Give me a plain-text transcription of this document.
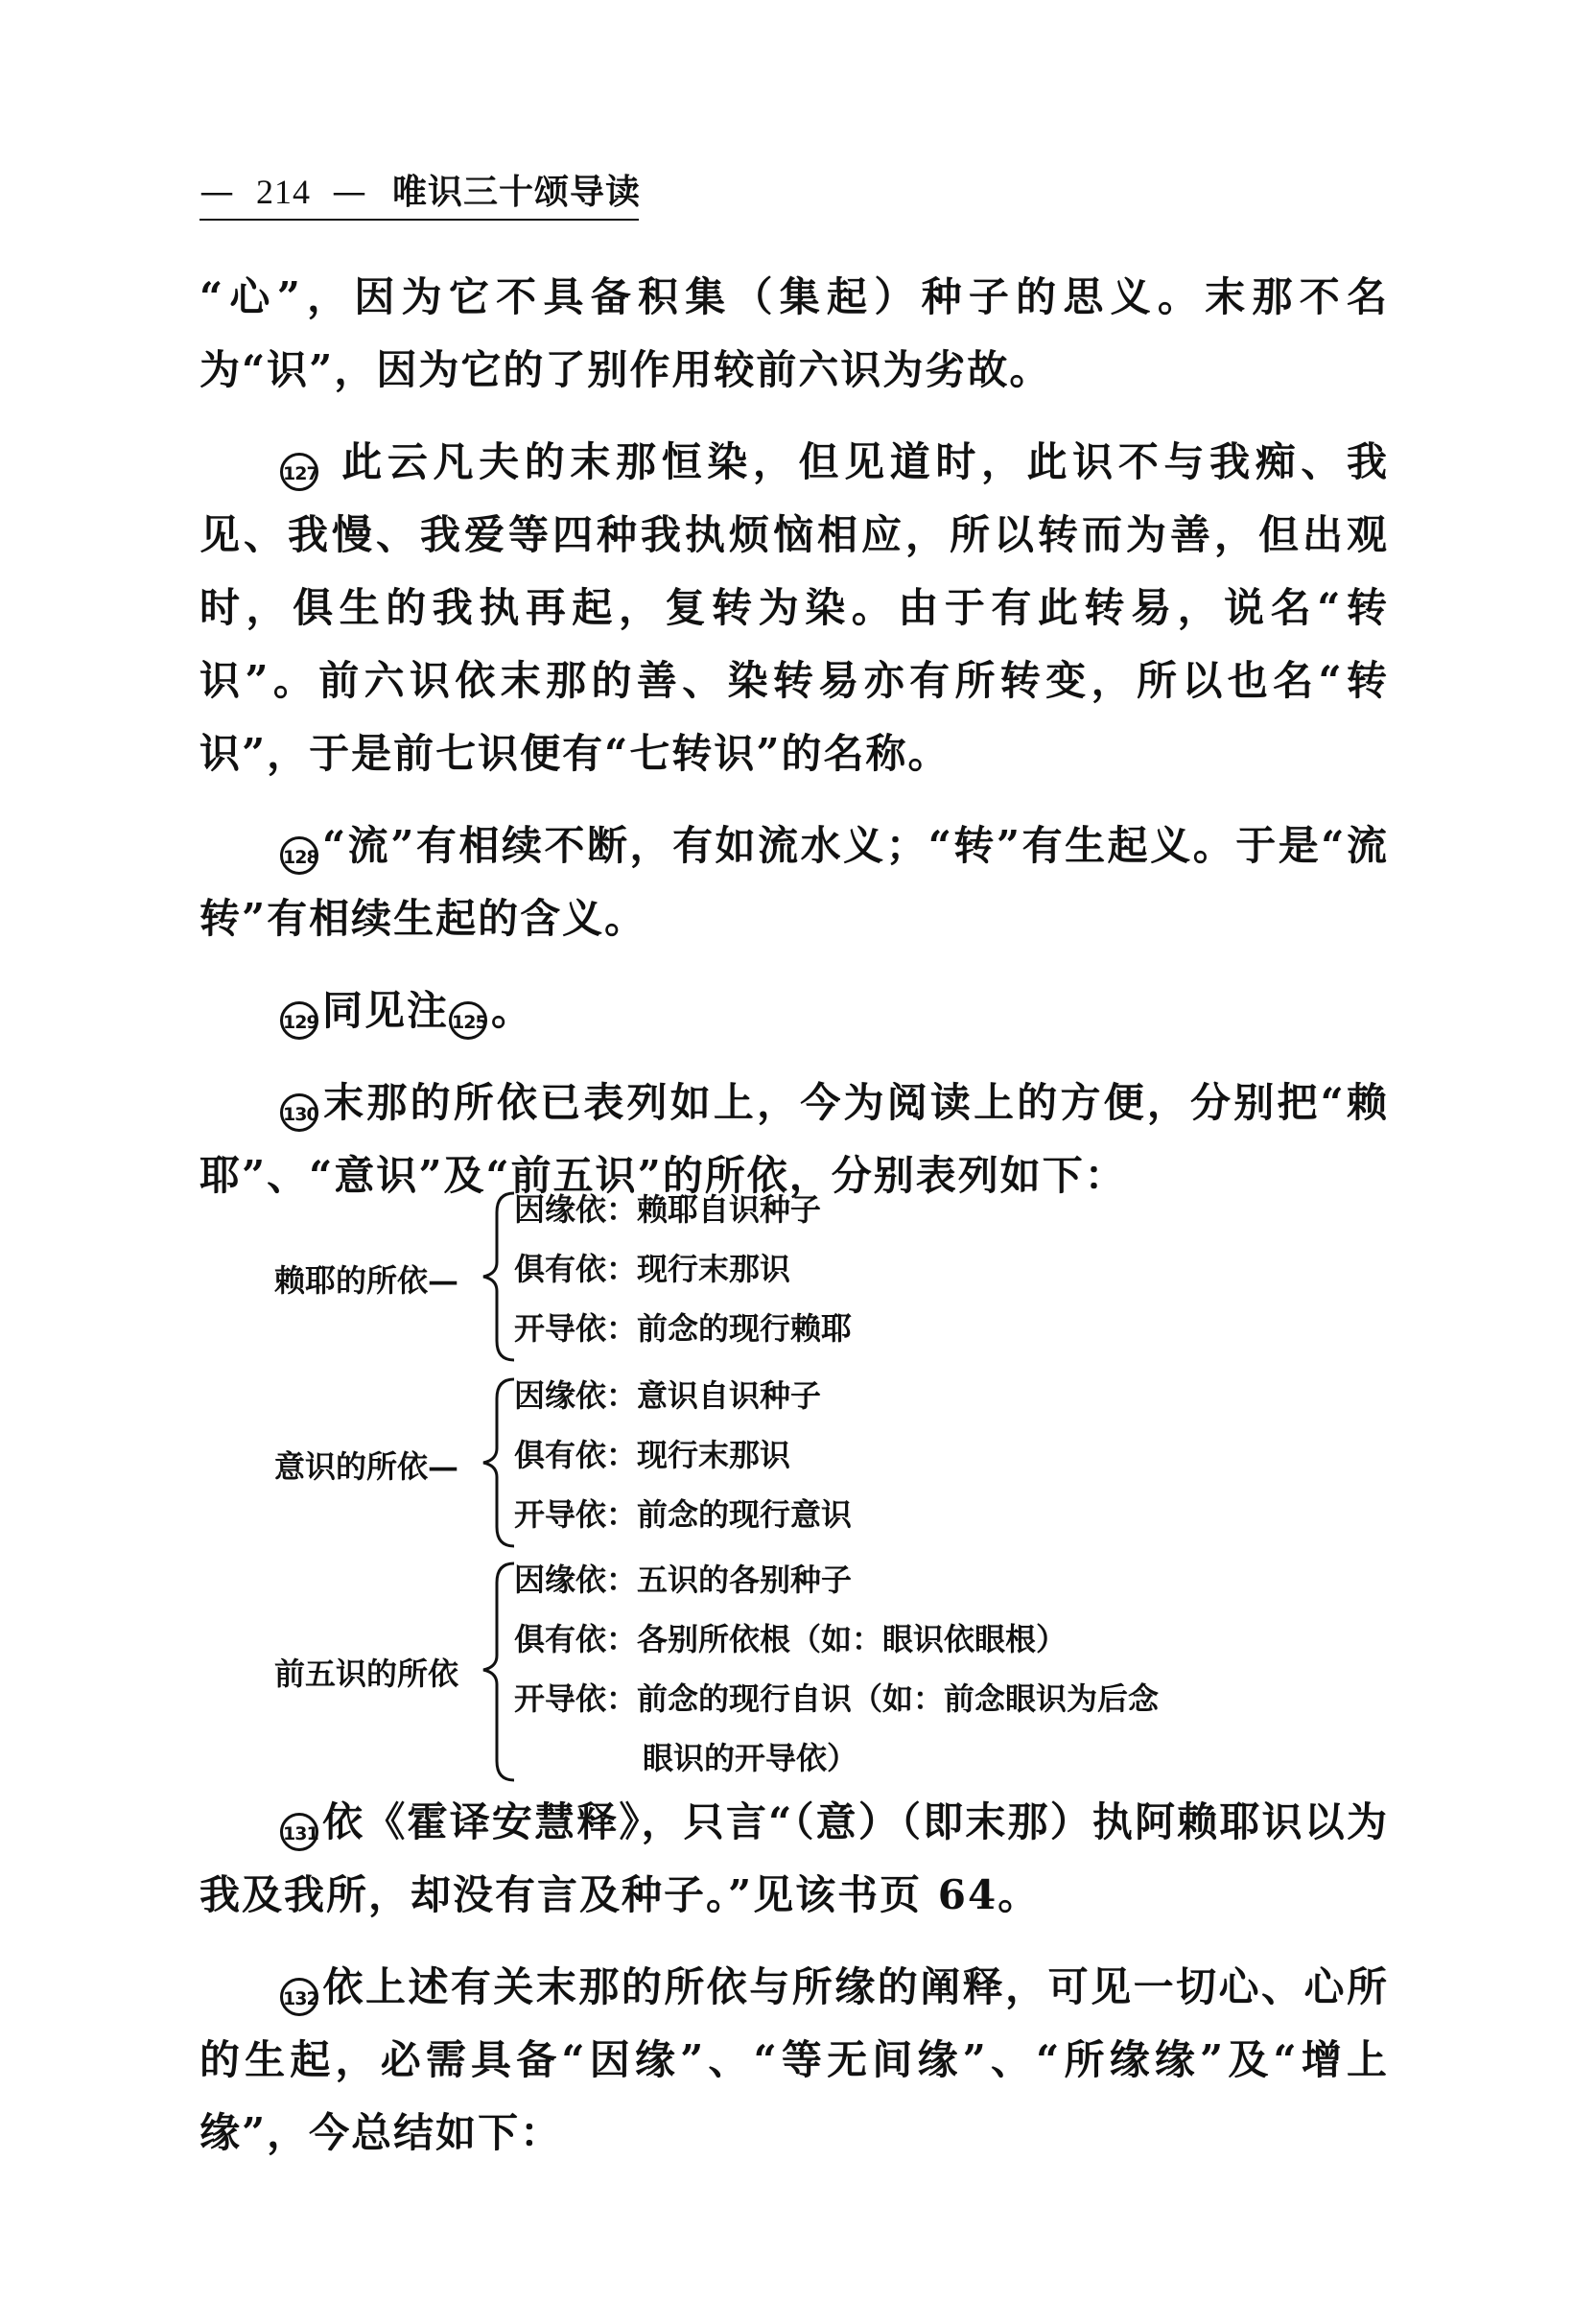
— 214 — 唯识三十颂导读

“心”，因为它不具备积集（集起）种子的思义。末那不名为“识”，因为它的了别作用较前六识为劣故。

127 此云凡夫的末那恒染，但见道时，此识不与我痴、我见、我慢、我爱等四种我执烦恼相应，所以转而为善，但出观时，俱生的我执再起，复转为染。由于有此转易，说名“转识”。前六识依末那的善、染转易亦有所转变，所以也名“转识”，于是前七识便有“七转识”的名称。

128 “流”有相续不断，有如流水义；“转”有生起义。于是“流转”有相续生起的含义。

129 同见注 125 。

130 末那的所依已表列如上，今为阅读上的方便，分别把“赖耶”、“意识”及“前五识”的所依，分别表列如下：

赖耶的所依—
因缘依：赖耶自识种子
俱有依：现行末那识
开导依：前念的现行赖耶
意识的所依—
因缘依：意识自识种子
俱有依：现行末那识
开导依：前念的现行意识
前五识的所依
因缘依：五识的各别种子
俱有依：各别所依根（如：眼识依眼根）
开导依：前念的现行自识（如：前念眼识为后念
眼识的开导依）

131 依《霍译安慧释》，只言“（意）（即末那）执阿赖耶识以为我及我所，却没有言及种子。”见该书页 64。

132 依上述有关末那的所依与所缘的阐释，可见一切心、心所的生起，必需具备“因缘”、“等无间缘”、“所缘缘”及“增上缘”，今总结如下：
